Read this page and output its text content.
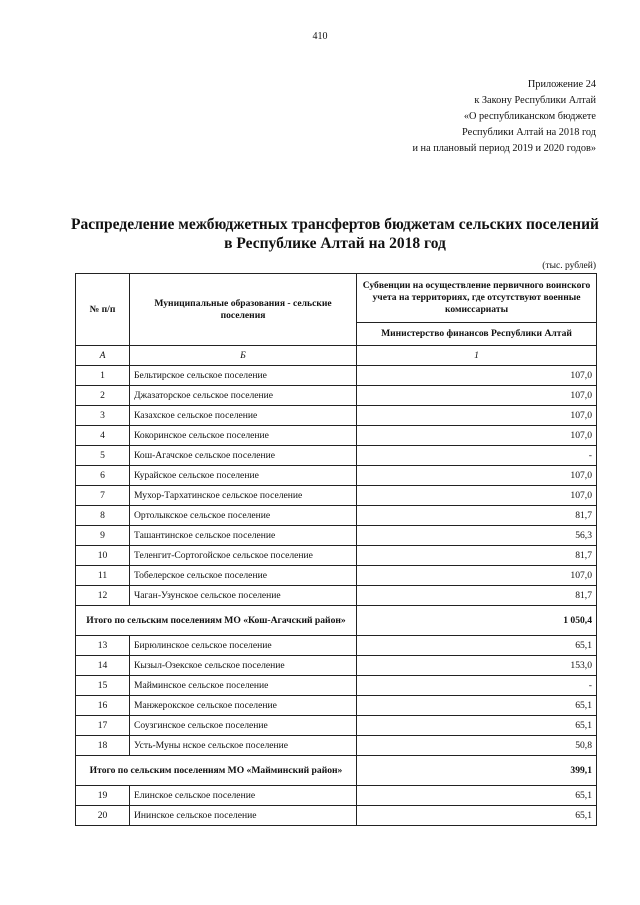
410
Приложение 24
к Закону Республики Алтай
«О республиканском бюджете
Республики Алтай на 2018 год
и на плановый период 2019 и 2020 годов»
Распределение межбюджетных трансфертов бюджетам сельских поселений
в Республике Алтай на 2018 год
(тыс. рублей)
№ п/п	Муниципальные образования - сельские поселения	Субвенции на осуществление первичного воинского учета на территориях, где отсутствуют военные комиссариаты
		Министерство финансов Республики Алтай
А	Б	1
1	Бельтирское сельское поселение	107,0
2	Джазаторское сельское поселение	107,0
3	Казахское сельское поселение	107,0
4	Кокоринское сельское поселение	107,0
5	Кош-Агачское сельское поселение	-
6	Курайское сельское поселение	107,0
7	Мухор-Тархатинское сельское поселение	107,0
8	Ортолыкское сельское поселение	81,7
9	Ташантинское сельское поселение	56,3
10	Теленгит-Сортогойское сельское поселение	81,7
11	Тобелерское сельское поселение	107,0
12	Чаган-Узунское сельское поселение	81,7
Итого по сельским поселениям МО «Кош-Агачский район»		1 050,4
13	Бирюлинское сельское поселение	65,1
14	Кызыл-Озекское сельское поселение	153,0
15	Майминское сельское поселение	-
16	Манжерокское сельское поселение	65,1
17	Соузгинское сельское поселение	65,1
18	Усть-Муны нское сельское поселение	50,8
Итого по сельским поселениям МО «Майминский район»		399,1
19	Елинское сельское поселение	65,1
20	Ининское сельское поселение	65,1
